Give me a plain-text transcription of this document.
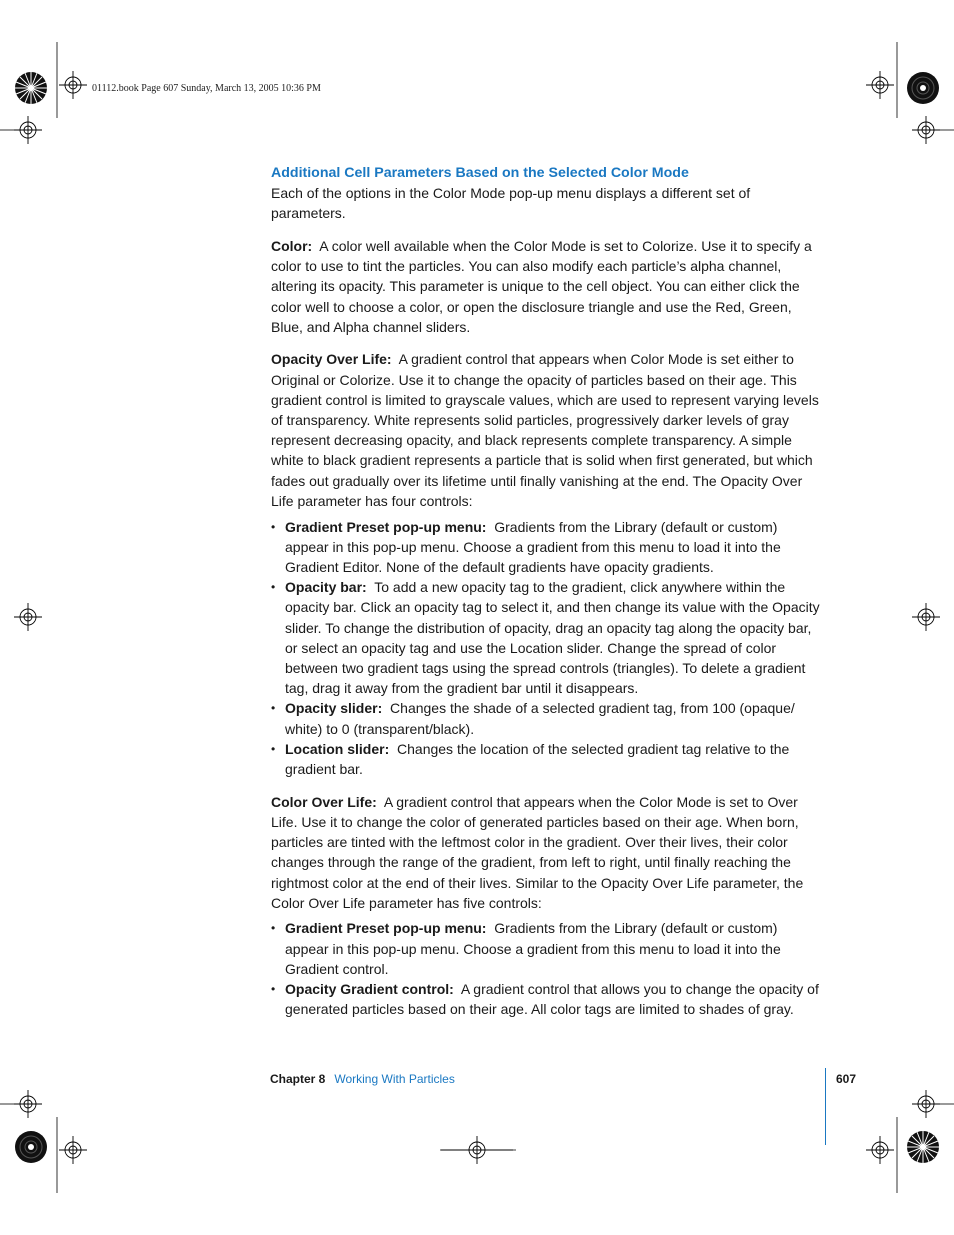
01112.book Page 607 Sunday, March 13, 2005 10:36 PM
Additional Cell Parameters Based on the Selected Color Mode

Each of the options in the Color Mode pop-up menu displays a different set of parameters.

Color: A color well available when the Color Mode is set to Colorize. Use it to specify a color to use to tint the particles. You can also modify each particle’s alpha channel, altering its opacity. This parameter is unique to the cell object. You can either click the color well to choose a color, or open the disclosure triangle and use the Red, Green, Blue, and Alpha channel sliders.

Opacity Over Life: A gradient control that appears when Color Mode is set either to Original or Colorize. Use it to change the opacity of particles based on their age. This gradient control is limited to grayscale values, which are used to represent varying levels of transparency. White represents solid particles, progressively darker levels of gray represent decreasing opacity, and black represents complete transparency. A simple white to black gradient represents a particle that is solid when first generated, but which fades out gradually over its lifetime until finally vanishing at the end. The Opacity Over Life parameter has four controls:

• Gradient Preset pop-up menu: Gradients from the Library (default or custom) appear in this pop-up menu. Choose a gradient from this menu to load it into the Gradient Editor. None of the default gradients have opacity gradients.
• Opacity bar: To add a new opacity tag to the gradient, click anywhere within the opacity bar. Click an opacity tag to select it, and then change its value with the Opacity slider. To change the distribution of opacity, drag an opacity tag along the opacity bar, or select an opacity tag and use the Location slider. Change the spread of color between two gradient tags using the spread controls (triangles). To delete a gradient tag, drag it away from the gradient bar until it disappears.
• Opacity slider: Changes the shade of a selected gradient tag, from 100 (opaque/ white) to 0 (transparent/black).
• Location slider: Changes the location of the selected gradient tag relative to the gradient bar.

Color Over Life: A gradient control that appears when the Color Mode is set to Over Life. Use it to change the color of generated particles based on their age. When born, particles are tinted with the leftmost color in the gradient. Over their lives, their color changes through the range of the gradient, from left to right, until finally reaching the rightmost color at the end of their lives. Similar to the Opacity Over Life parameter, the Color Over Life parameter has five controls:

• Gradient Preset pop-up menu: Gradients from the Library (default or custom) appear in this pop-up menu. Choose a gradient from this menu to load it into the Gradient control.
• Opacity Gradient control: A gradient control that allows you to change the opacity of generated particles based on their age. All color tags are limited to shades of gray.
Chapter 8 Working With Particles	607
